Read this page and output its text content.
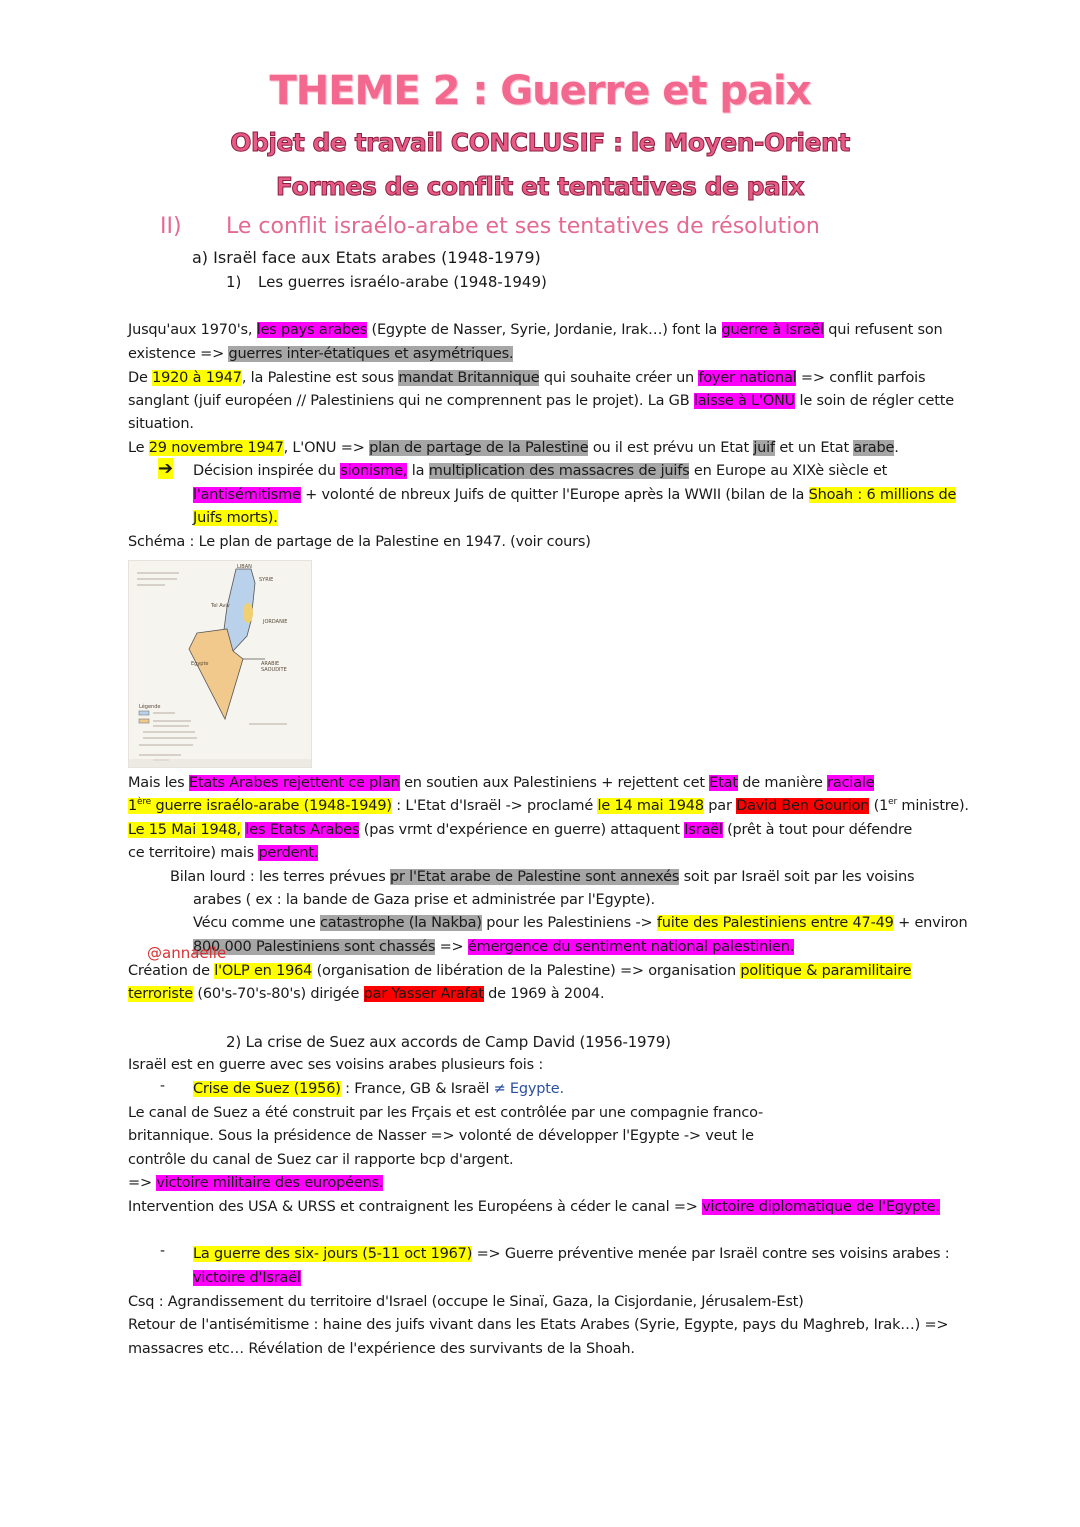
THEME 2 : Guerre et paix
Objet de travail CONCLUSIF : le Moyen-Orient
Formes de conflit et tentatives de paix
II) Le conflit israélo-arabe et ses tentatives de résolution
a) Israël face aux Etats arabes (1948-1979)
1) Les guerres israélo-arabe (1948-1949)
Jusqu'aux 1970's, les pays arabes (Egypte de Nasser, Syrie, Jordanie, Irak…) font la guerre à Israël qui refusent son
existence => guerres inter-étatiques et asymétriques.
De 1920 à 1947, la Palestine est sous mandat Britannique qui souhaite créer un foyer national => conflit parfois
sanglant (juif européen // Palestiniens qui ne comprennent pas le projet). La GB laisse à L'ONU le soin de régler cette
situation.
Le 29 novembre 1947, L'ONU => plan de partage de la Palestine ou il est prévu un Etat juif et un Etat arabe.
➔ Décision inspirée du sionisme, la multiplication des massacres de juifs en Europe au XIXè siècle et
l'antisémitisme + volonté de nbreux Juifs de quitter l'Europe après la WWII (bilan de la Shoah : 6 millions de
Juifs morts).
Schéma : Le plan de partage de la Palestine en 1947. (voir cours)
LIBAN
SYRIE
Tel Aviv
JORDANIE
Egypte	ARABIE
SAOUDITE
Légende
Mais les Etats Arabes rejettent ce plan en soutien aux Palestiniens + rejettent cet Etat de manière raciale
1ère guerre israélo-arabe (1948-1949) : L'Etat d'Israël -> proclamé le 14 mai 1948 par David Ben Gourion (1er ministre).
Le 15 Mai 1948, les Etats Arabes (pas vrmt d'expérience en guerre) attaquent Israël (prêt à tout pour défendre
ce territoire) mais perdent.
Bilan lourd : les terres prévues pr l'Etat arabe de Palestine sont annexés soit par Israël soit par les voisins
arabes ( ex : la bande de Gaza prise et administrée par l'Egypte).
Vécu comme une catastrophe (la Nakba) pour les Palestiniens -> fuite des Palestiniens entre 47-49 + environ
800 000 Palestiniens sont chassés => émergence du sentiment national palestinien.
@annaelle
Création de l'OLP en 1964 (organisation de libération de la Palestine) => organisation politique & paramilitaire
terroriste (60's-70's-80's) dirigée par Yasser Arafat de 1969 à 2004.
2) La crise de Suez aux accords de Camp David (1956-1979)
Israël est en guerre avec ses voisins arabes plusieurs fois :
- Crise de Suez (1956) : France, GB & Israël ≠ Egypte.
Le canal de Suez a été construit par les Frçais et est contrôlée par une compagnie franco-
britannique. Sous la présidence de Nasser => volonté de développer l'Egypte -> veut le
contrôle du canal de Suez car il rapporte bcp d'argent.
=> victoire militaire des européens.
Intervention des USA & URSS et contraignent les Européens à céder le canal => victoire diplomatique de l'Egypte.
- La guerre des six- jours (5-11 oct 1967) => Guerre préventive menée par Israël contre ses voisins arabes :
victoire d'Israël
Csq : Agrandissement du territoire d'Israel (occupe le Sinaï, Gaza, la Cisjordanie, Jérusalem-Est)
Retour de l'antisémitisme : haine des juifs vivant dans les Etats Arabes (Syrie, Egypte, pays du Maghreb, Irak…) =>
massacres etc… Révélation de l'expérience des survivants de la Shoah.
